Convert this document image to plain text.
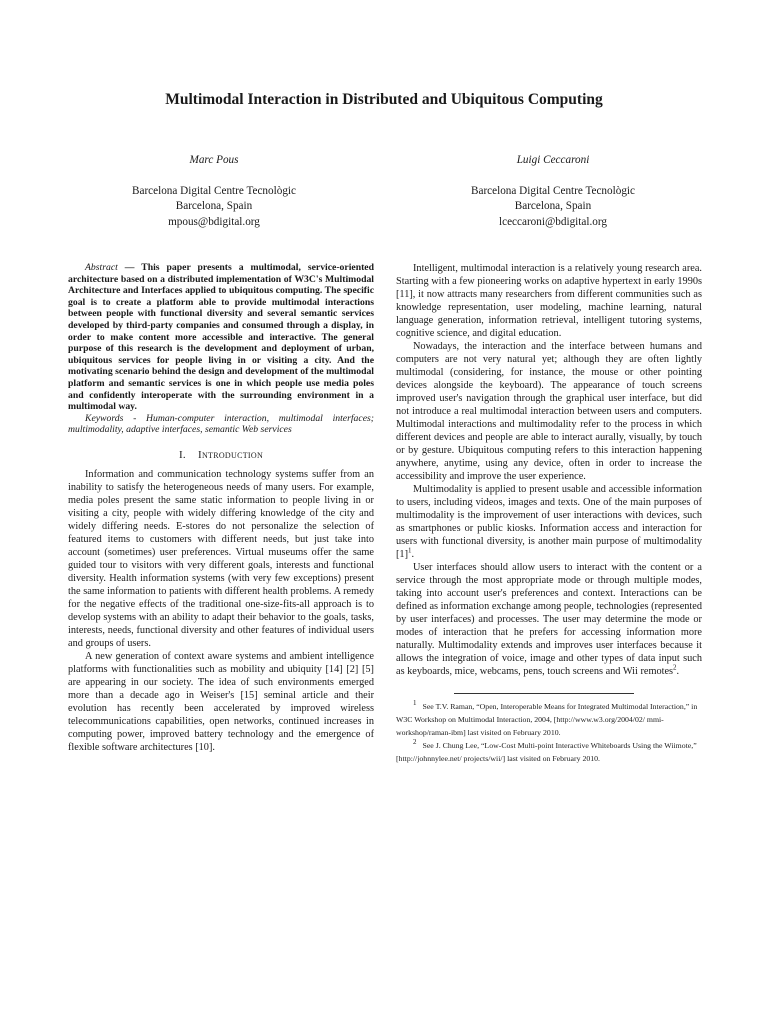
Multimodal Interaction in Distributed and Ubiquitous Computing
Marc Pous
Barcelona Digital Centre Tecnològic
Barcelona, Spain
mpous@bdigital.org
Luigi Ceccaroni
Barcelona Digital Centre Tecnològic
Barcelona, Spain
lceccaroni@bdigital.org

Abstract — This paper presents a multimodal, service-oriented architecture based on a distributed implementation of W3C's Multimodal Architecture and Interfaces applied to ubiquitous computing. The specific goal is to create a platform able to provide multimodal interactions between people with functional diversity and several semantic services developed by third-party companies and consumed through a display, in order to make content more accessible and interactive. The general purpose of this research is the development and deployment of urban, ubiquitous services for people living in or visiting a city. And the motivating scenario behind the design and development of the multimodal platform and semantic services is one in which people use media poles and confidently interoperate with the surrounding environment in a multimodal way.

Keywords - Human-computer interaction, multimodal interfaces; multimodality, adaptive interfaces, semantic Web services

I. Introduction

Information and communication technology systems suffer from an inability to satisfy the heterogeneous needs of many users. For example, media poles present the same static information to people living in or visiting a city, people with widely differing knowledge of the city and widely differing needs. E-stores do not personalize the selection of featured items to customers with different needs, but just take into account (sometimes) user preferences. Virtual museums offer the same guided tour to visitors with very different goals, interests and functional diversity. Health information systems (with very few exceptions) present the same information to patients with different health problems. A remedy for the negative effects of the traditional one-size-fits-all approach is to develop systems with an ability to adapt their behavior to the goals, tasks, interests, needs, functional diversity and other features of individual users and groups of users.

A new generation of context aware systems and ambient intelligence platforms with functionalities such as mobility and ubiquity [14] [2] [5] are appearing in our society. The idea of such environments emerged more than a decade ago in Weiser's [15] seminal article and their evolution has recently been accelerated by improved wireless telecommunications capabilities, open networks, continued increases in computing power, improved battery technology and the emergence of flexible software architectures [10].

Intelligent, multimodal interaction is a relatively young research area. Starting with a few pioneering works on adaptive hypertext in early 1990s [11], it now attracts many researchers from different communities such as knowledge representation, user modeling, machine learning, natural language generation, information retrieval, intelligent tutoring systems, cognitive science, and digital education.

Nowadays, the interaction and the interface between humans and computers are not very natural yet; although they are often lightly multimodal (considering, for instance, the mouse or other pointing devices alongside the keyboard). The appearance of touch screens improved user's navigation through the graphical user interface, but did not introduce a real multimodal interaction between users and computers. Multimodal interactions and multimodality refer to the process in which different devices and people are able to interact aurally, visually, by touch or by gesture. Ubiquitous computing refers to this interaction happening anywhere, anytime, using any device, often in order to increase the accessibility and improve the user experience.

Multimodality is applied to present usable and accessible information to users, including videos, images and texts. One of the main purposes of multimodality is the improvement of user interactions with devices, such as smartphones or public kiosks. Information access and interaction for users with functional diversity, is another main purpose of multimodality $[1]^1$.

User interfaces should allow users to interact with the content or a service through the most appropriate mode or through multiple modes, taking into account user's preferences and context. Interactions can be defined as information exchange among people, technologies (represented by user interfaces) and processes. The user may determine the mode or modes of interaction that he prefers for accessing information more naturally. Multimodality extends and improves user interfaces because it allows the integration of voice, image and other types of data input such as keyboards, mice, webcams, pens, touch screens and Wii remotes$^2$.

$^1$ See T.V. Raman, “Open, Interoperable Means for Integrated Multimodal Interaction,” in W3C Workshop on Multimodal Interaction, 2004, [http://www.w3.org/2004/02/ mmi-workshop/raman-ibm] last visited on February 2010.

$^2$ See J. Chung Lee, “Low-Cost Multi-point Interactive Whiteboards Using the Wiimote,” [http://johnnylee.net/ projects/wii/] last visited on February 2010.
